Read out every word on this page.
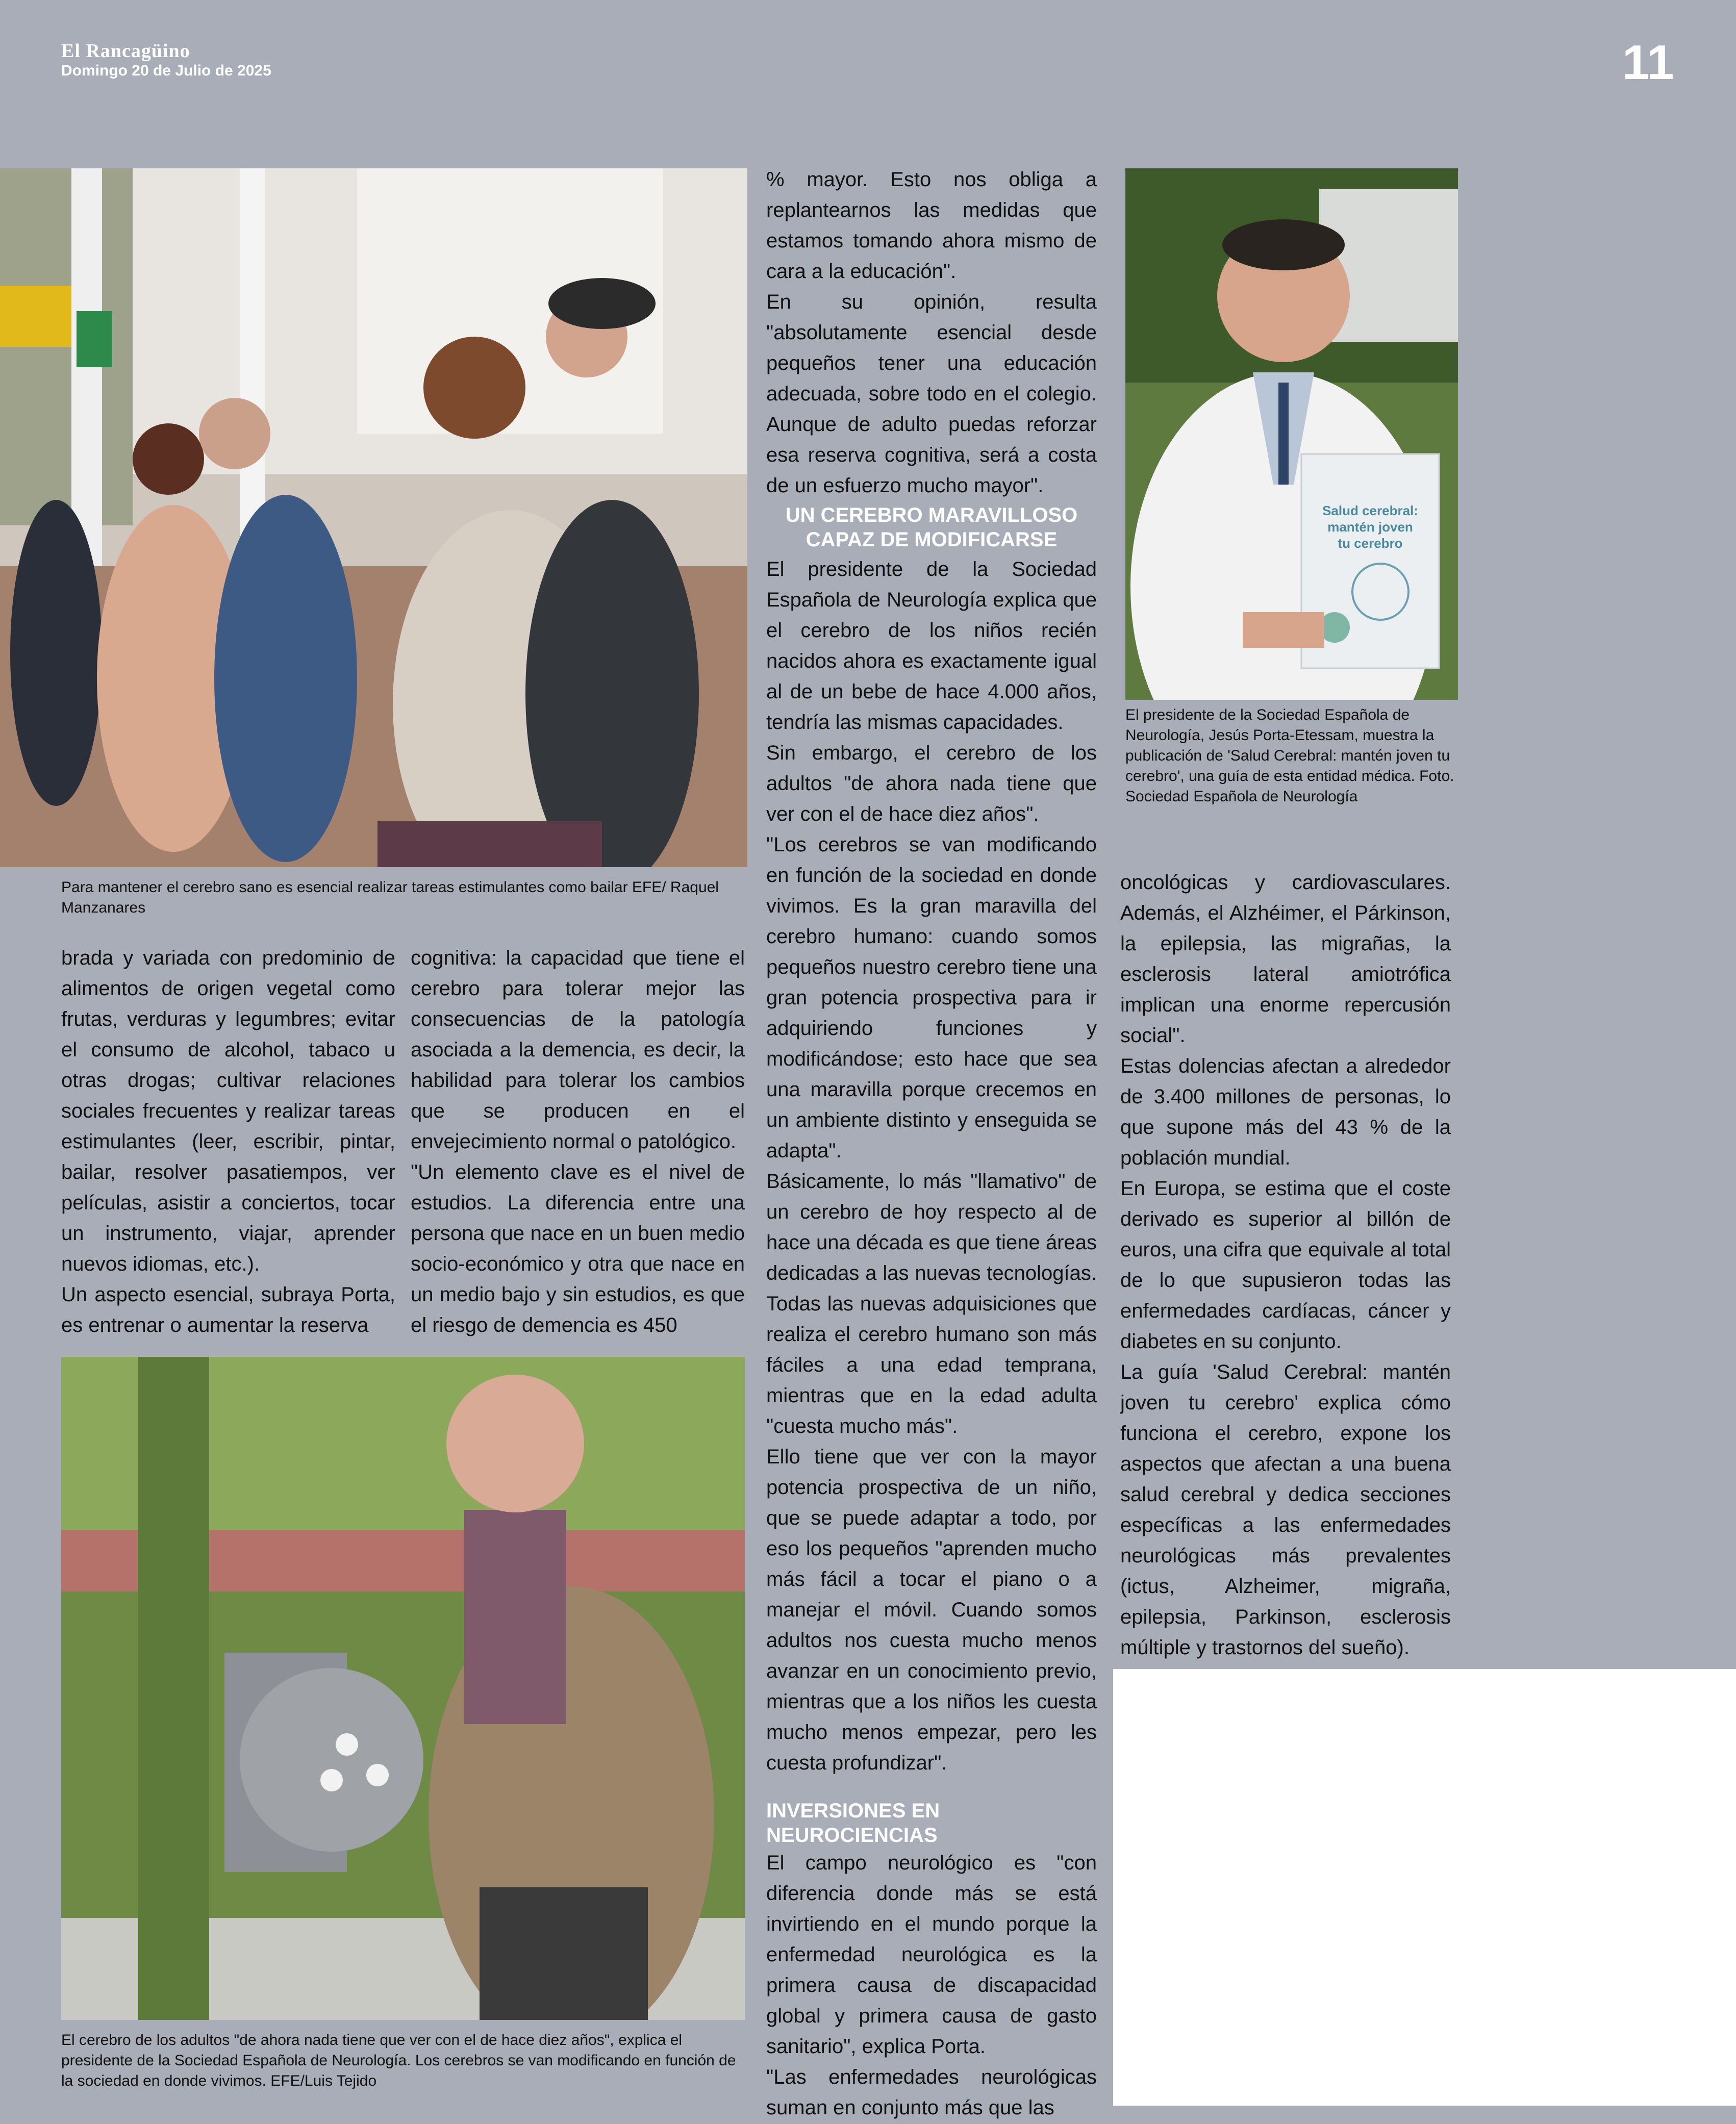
El Rancagüino
Domingo 20 de Julio de 2025	11
Para mantener el cerebro sano es esencial realizar tareas estimulantes como bailar EFE/ Raquel Manzanares

brada y variada con predominio de alimentos de origen vegetal como frutas, verduras y legumbres; evitar el consumo de alcohol, tabaco u otras drogas; cultivar relaciones sociales frecuentes y realizar tareas estimulantes (leer, escribir, pintar, bailar, resolver pasatiempos, ver películas, asistir a conciertos, tocar un instrumento, viajar, aprender nuevos idiomas, etc.).

Un aspecto esencial, subraya Porta, es entrenar o aumentar la reserva

cognitiva: la capacidad que tiene el cerebro para tolerar mejor las consecuencias de la patología asociada a la demencia, es decir, la habilidad para tolerar los cambios que se producen en el envejecimiento normal o patológico.

"Un elemento clave es el nivel de estudios. La diferencia entre una persona que nace en un buen medio socio-económico y otra que nace en un medio bajo y sin estudios, es que el riesgo de demencia es 450

El cerebro de los adultos "de ahora nada tiene que ver con el de hace diez años", explica el presidente de la Sociedad Española de Neurología. Los cerebros se van modificando en función de la sociedad en donde vivimos. EFE/Luis Tejido

% mayor. Esto nos obliga a replantearnos las medidas que estamos tomando ahora mismo de cara a la educación".

En su opinión, resulta "absolutamente esencial desde pequeños tener una educación adecuada, sobre todo en el colegio. Aunque de adulto puedas reforzar esa reserva cognitiva, será a costa de un esfuerzo mucho mayor".

UN CEREBRO MARAVILLOSO CAPAZ DE MODIFICARSE

El presidente de la Sociedad Española de Neurología explica que el cerebro de los niños recién nacidos ahora es exactamente igual al de un bebe de hace 4.000 años, tendría las mismas capacidades.

Sin embargo, el cerebro de los adultos "de ahora nada tiene que ver con el de hace diez años".

"Los cerebros se van modificando en función de la sociedad en donde vivimos. Es la gran maravilla del cerebro humano: cuando somos pequeños nuestro cerebro tiene una gran potencia prospectiva para ir adquiriendo funciones y modificándose; esto hace que sea una maravilla porque crecemos en un ambiente distinto y enseguida se adapta".

Básicamente, lo más "llamativo" de un cerebro de hoy respecto al de hace una década es que tiene áreas dedicadas a las nuevas tecnologías. Todas las nuevas adquisiciones que realiza el cerebro humano son más fáciles a una edad temprana, mientras que en la edad adulta "cuesta mucho más".

Ello tiene que ver con la mayor potencia prospectiva de un niño, que se puede adaptar a todo, por eso los pequeños "aprenden mucho más fácil a tocar el piano o a manejar el móvil. Cuando somos adultos nos cuesta mucho menos avanzar en un conocimiento previo, mientras que a los niños les cuesta mucho menos empezar, pero les cuesta profundizar".

INVERSIONES EN NEUROCIENCIAS

El campo neurológico es "con diferencia donde más se está invirtiendo en el mundo porque la enfermedad neurológica es la primera causa de discapacidad global y primera causa de gasto sanitario", explica Porta.

"Las enfermedades neurológicas suman en conjunto más que las

Salud cerebral:
mantén joven
tu cerebro
El presidente de la Sociedad Española de Neurología, Jesús Porta-Etessam, muestra la publicación de 'Salud Cerebral: mantén joven tu cerebro', una guía de esta entidad médica. Foto. Sociedad Española de Neurología

oncológicas y cardiovasculares. Además, el Alzhéimer, el Párkinson, la epilepsia, las migrañas, la esclerosis lateral amiotrófica implican una enorme repercusión social".

Estas dolencias afectan a alrededor de 3.400 millones de personas, lo que supone más del 43 % de la población mundial.

En Europa, se estima que el coste derivado es superior al billón de euros, una cifra que equivale al total de lo que supusieron todas las enfermedades cardíacas, cáncer y diabetes en su conjunto.

La guía 'Salud Cerebral: mantén joven tu cerebro' explica cómo funciona el cerebro, expone los aspectos que afectan a una buena salud cerebral y dedica secciones específicas a las enfermedades neurológicas más prevalentes (ictus, Alzheimer, migraña, epilepsia, Parkinson, esclerosis múltiple y trastornos del sueño).
